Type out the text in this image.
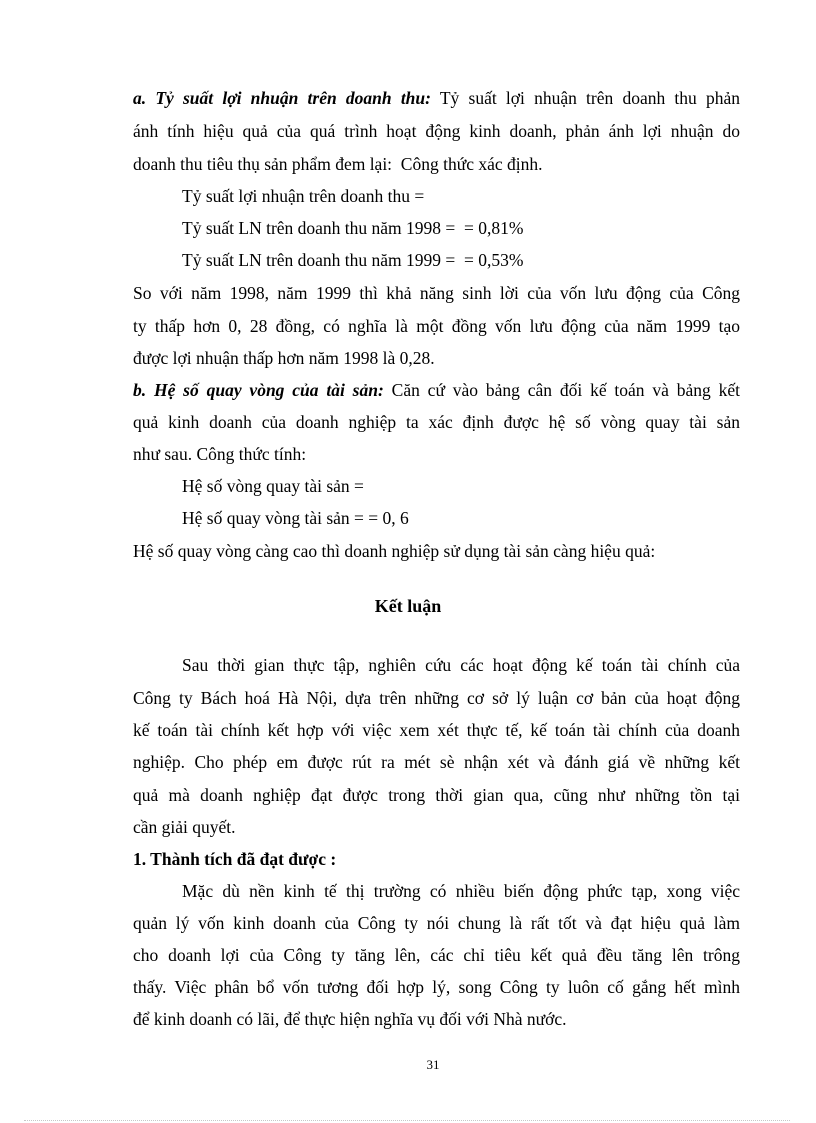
a. Tỷ suất lợi nhuận trên doanh thu: Tỷ suất lợi nhuận trên doanh thu phản
ánh tính hiệu quả của quá trình hoạt động kinh doanh, phản ánh lợi nhuận do
doanh thu tiêu thụ sản phẩm đem lại:  Công thức xác định.
Tỷ suất lợi nhuận trên doanh thu =
Tỷ suất LN trên doanh thu năm 1998 =  = 0,81%
Tỷ suất LN trên doanh thu năm 1999 =  = 0,53%
So với năm 1998, năm 1999 thì khả năng sinh lời của vốn lưu động của Công
ty thấp hơn 0, 28 đồng, có nghĩa là một đồng vốn lưu động của năm 1999 tạo
được lợi nhuận thấp hơn năm 1998 là 0,28.
b. Hệ số quay vòng của tài sản: Căn cứ vào bảng cân đối kế toán và bảng kết
quả kinh doanh của doanh nghiệp ta xác định được hệ số vòng quay tài sản
như sau. Công thức tính:
Hệ số vòng quay tài sản =
Hệ số quay vòng tài sản = = 0, 6
Hệ số quay vòng càng cao thì doanh nghiệp sử dụng tài sản càng hiệu quả:
Kết luận
Sau thời gian thực tập, nghiên cứu các hoạt động kế toán tài chính của
Công ty Bách hoá Hà Nội, dựa trên những cơ sở lý luận cơ bản của hoạt động
kế toán tài chính kết hợp với việc xem xét thực tế, kế toán tài chính của doanh
nghiệp. Cho phép em được rút ra mét sè nhận xét và đánh giá về những kết
quả mà doanh nghiệp đạt được trong thời gian qua, cũng như những tồn tại
cần giải quyết.
1. Thành tích đã đạt được :
Mặc dù nền kinh tế thị trường có nhiều biến động phức tạp, xong việc
quản lý vốn kinh doanh của Công ty nói chung là rất tốt và đạt hiệu quả làm
cho doanh lợi của Công ty tăng lên, các chỉ tiêu kết quả đều tăng lên trông
thấy. Việc phân bổ vốn tương đối hợp lý, song Công ty luôn cố gắng hết mình
để kinh doanh có lãi, để thực hiện nghĩa vụ đối với Nhà nước.
31
